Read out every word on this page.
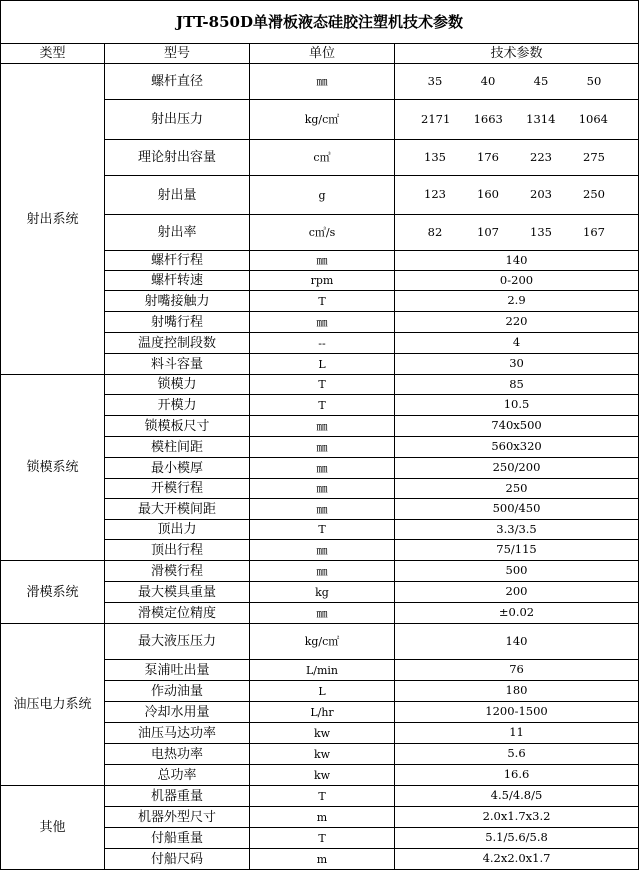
JTT-850D单滑板液态硅胶注塑机技术参数			
类型	型号	单位	技术参数
射出系统	螺杆直径	㎜	35 40 45 50

	射出压力	kg/c㎡	2171 1663 1314 1064

	理论射出容量	c㎥	135 176 223 275

	射出量	g	123 160 203 250

	射出率	c㎥/s	82 107 135 167

	螺杆行程	㎜	140
	螺杆转速	rpm	0-200
	射嘴接触力	T	2.9
	射嘴行程	㎜	220
	温度控制段数	--	4
	料斗容量	L	30
锁模系统	锁模力	T	85
	开模力	T	10.5
	锁模板尺寸	㎜	740x500
	模柱间距	㎜	560x320
	最小模厚	㎜	250/200
	开模行程	㎜	250
	最大开模间距	㎜	500/450
	顶出力	T	3.3/3.5
	顶出行程	㎜	75/115
滑模系统	滑模行程	㎜	500
	最大模具重量	kg	200
	滑模定位精度	㎜	±0.02
油压电力系统	最大液压压力	kg/c㎡	140
	泵浦吐出量	L/min	76
	作动油量	L	180
	冷却水用量	L/hr	1200-1500
	油压马达功率	kw	11
	电热功率	kw	5.6
	总功率	kw	16.6
其他	机器重量	T	4.5/4.8/5
	机器外型尺寸	m	2.0x1.7x3.2
	付船重量	T	5.1/5.6/5.8
	付船尺码	m	4.2x2.0x1.7
